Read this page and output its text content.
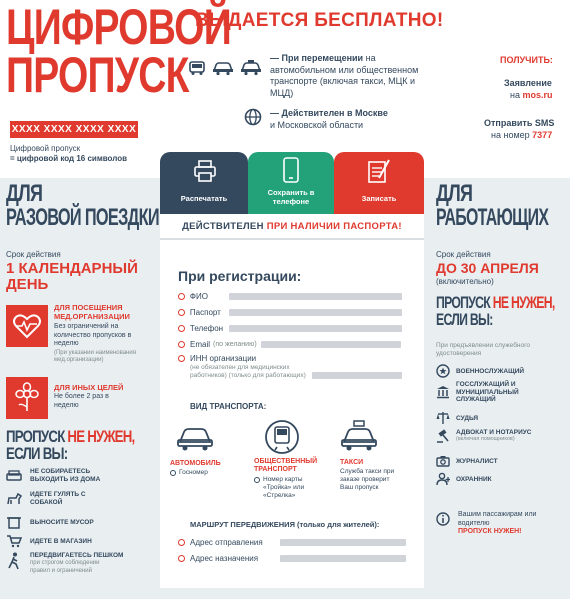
ЦИФРОВОЙ
ПРОПУСК
XXXX XXXX XXXX XXXX
Цифровой пропуск
= цифровой код 16 символов
ВЫДАЕТСЯ БЕСПЛАТНО!
— При перемещении на автомобильном или общественном транспорте (включая такси, МЦК и МЦД)
— Действителен в Москве
и Московской области
ПОЛУЧИТЬ:
Заявление
на mos.ru
Отправить SMS
на номер 7377
Распечатать
Сохранить в телефоне	Записать
ДЕЙСТВИТЕЛЕН ПРИ НАЛИЧИИ ПАСПОРТА!
При регистрации:
ФИО
Паспорт
Телефон
Email (по желанию)
ИНН организации
(не обязателен для медицинских работников) (только для работающих)
ВИД ТРАНСПОРТА:
АВТОМОБИЛЬ
Госномер
ОБЩЕСТВЕННЫЙ ТРАНСПОРТ
Номер карты «Тройка» или «Стрелка»
ТАКСИ
Служба такси при заказе проверит Ваш пропуск
МАРШРУТ ПЕРЕДВИЖЕНИЯ (только для жителей):
Адрес отправления
Адрес назначения
ДЛЯ
РАЗОВОЙ ПОЕЗДКИ
Срок действия
1 КАЛЕНДАРНЫЙ
ДЕНЬ
ДЛЯ ПОСЕЩЕНИЯ МЕД.ОРГАНИЗАЦИИ
Без ограничений на количество пропусков в неделю
(При указании наименования мед.организации)
ДЛЯ ИНЫХ ЦЕЛЕЙ
Не более 2 раз в неделю
ПРОПУСК НЕ НУЖЕН,
ЕСЛИ ВЫ:
НЕ СОБИРАЕТЕСЬ ВЫХОДИТЬ ИЗ ДОМА
ИДЕТЕ ГУЛЯТЬ С СОБАКОЙ
ВЫНОСИТЕ МУСОР
ИДЕТЕ В МАГАЗИН
ПЕРЕДВИГАЕТЕСЬ ПЕШКОМ
при строгом соблюдении правил и ограничений
ДЛЯ
РАБОТАЮЩИХ
Срок действия
ДО 30 АПРЕЛЯ
(включительно)
ПРОПУСК НЕ НУЖЕН,
ЕСЛИ ВЫ:
При предъявлении служебного удостоверения
ВОЕННОСЛУЖАЩИЙ
ГОССЛУЖАЩИЙ И МУНИЦИПАЛЬНЫЙ СЛУЖАЩИЙ
СУДЬЯ
АДВОКАТ И НОТАРИУС
(включая помощников)
ЖУРНАЛИСТ
ОХРАННИК
Вашим пассажирам или водителю
ПРОПУСК НУЖЕН!
